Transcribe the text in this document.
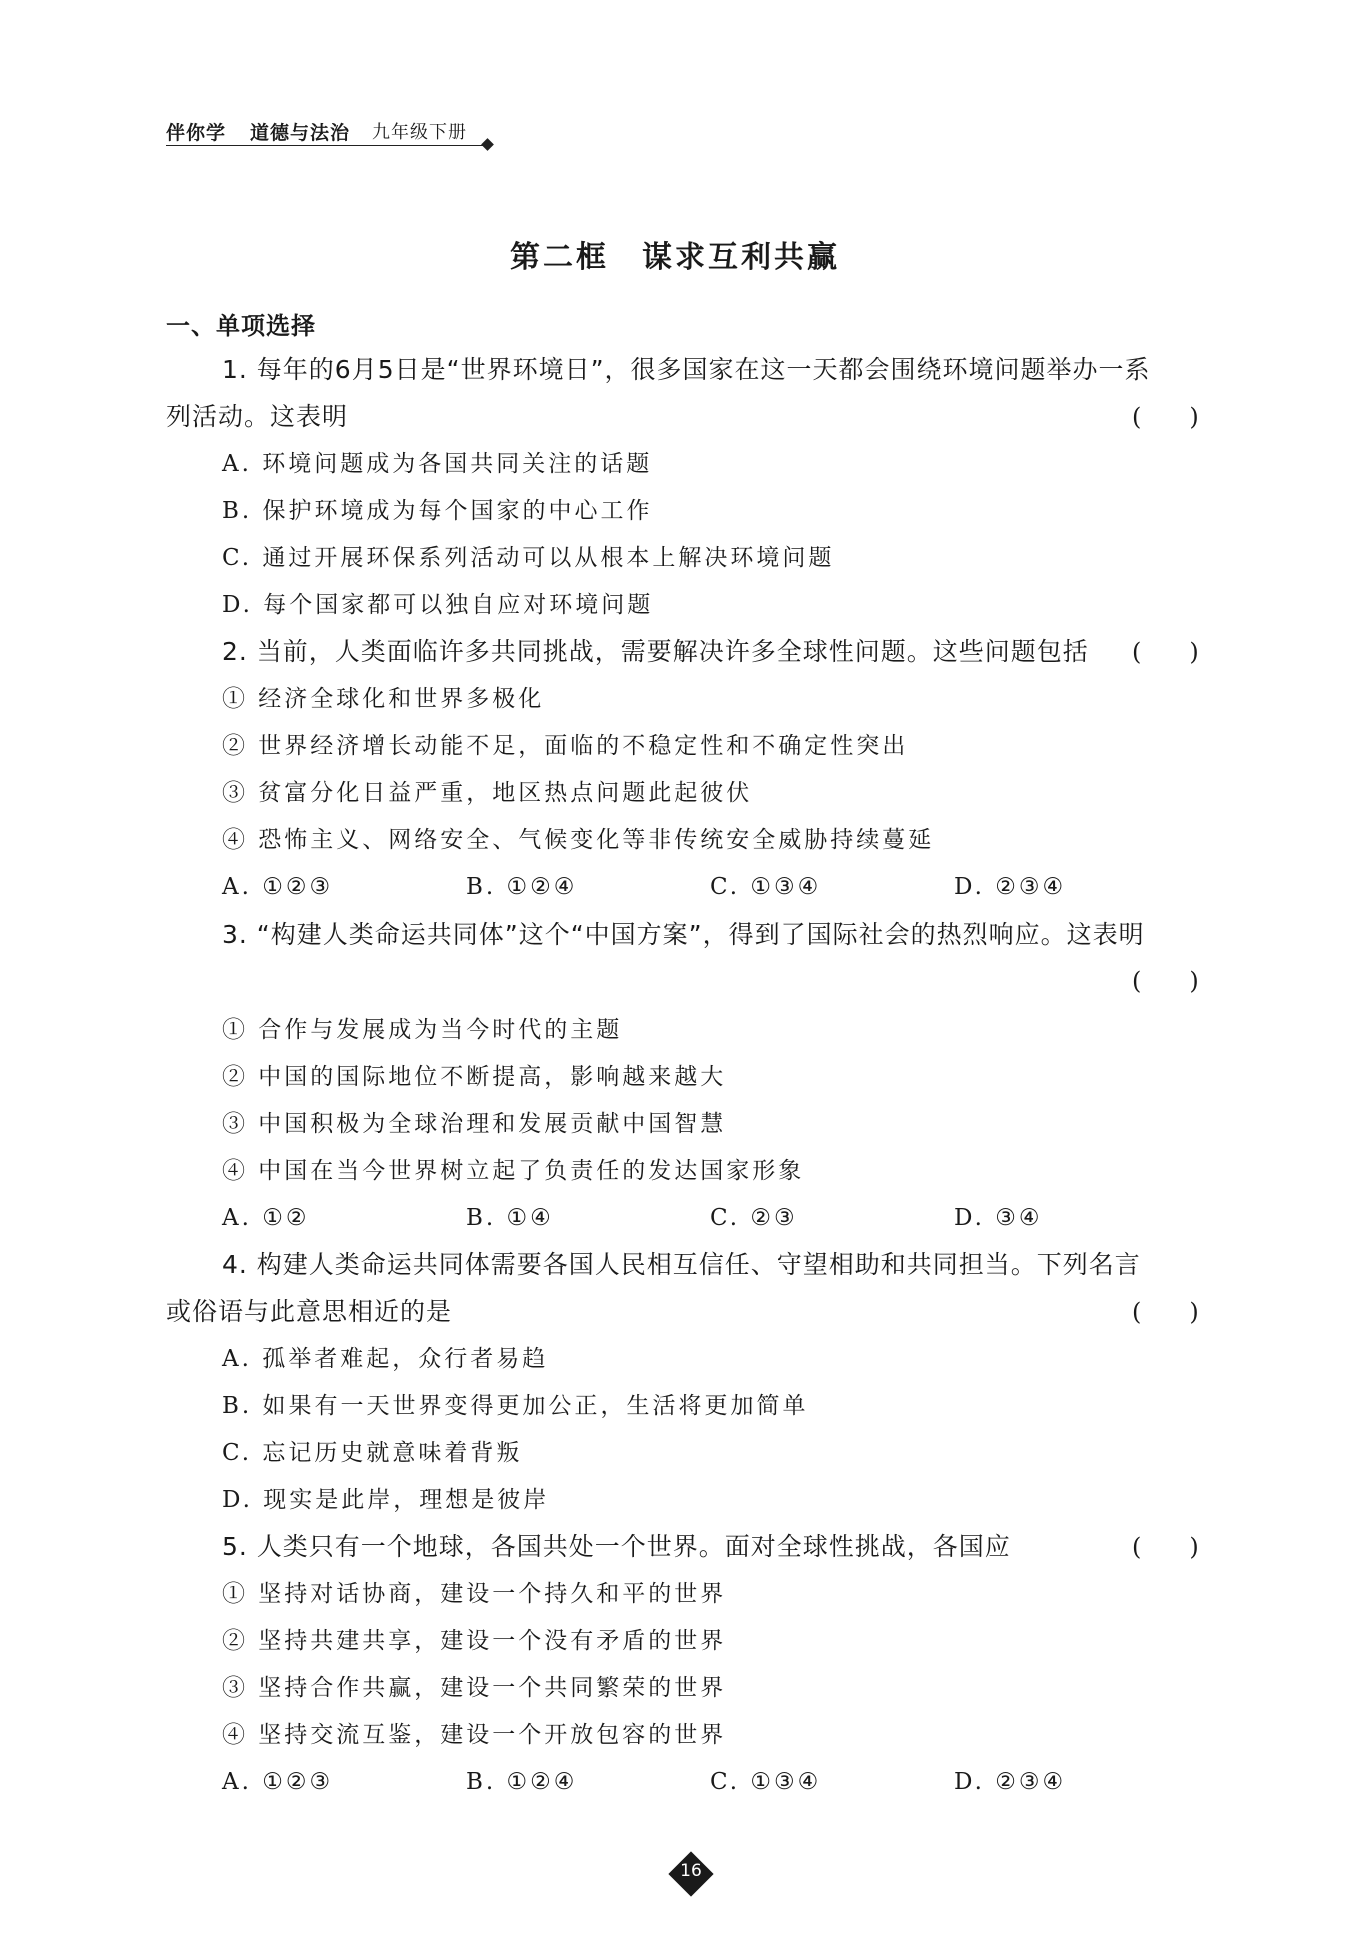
伴你学 道德与法治 九年级下册
第二框　谋求互利共赢
一、单项选择
1. 每年的6月5日是“世界环境日”，很多国家在这一天都会围绕环境问题举办一系
列活动。这表明	(　　)
A. 环境问题成为各国共同关注的话题
B. 保护环境成为每个国家的中心工作
C. 通过开展环保系列活动可以从根本上解决环境问题
D. 每个国家都可以独自应对环境问题
2. 当前，人类面临许多共同挑战，需要解决许多全球性问题。这些问题包括 (　　)
① 经济全球化和世界多极化
② 世界经济增长动能不足，面临的不稳定性和不确定性突出
③ 贫富分化日益严重，地区热点问题此起彼伏
④ 恐怖主义、网络安全、气候变化等非传统安全威胁持续蔓延
A. ①②③	B. ①②④	C. ①③④	D. ②③④
3. “构建人类命运共同体”这个“中国方案”，得到了国际社会的热烈响应。这表明
(　　)
① 合作与发展成为当今时代的主题
② 中国的国际地位不断提高，影响越来越大
③ 中国积极为全球治理和发展贡献中国智慧
④ 中国在当今世界树立起了负责任的发达国家形象
A. ①②	B. ①④	C. ②③	D. ③④
4. 构建人类命运共同体需要各国人民相互信任、守望相助和共同担当。下列名言
或俗语与此意思相近的是	(　　)
A. 孤举者难起，众行者易趋
B. 如果有一天世界变得更加公正，生活将更加简单
C. 忘记历史就意味着背叛
D. 现实是此岸，理想是彼岸
5. 人类只有一个地球，各国共处一个世界。面对全球性挑战，各国应	(　　)
① 坚持对话协商，建设一个持久和平的世界
② 坚持共建共享，建设一个没有矛盾的世界
③ 坚持合作共赢，建设一个共同繁荣的世界
④ 坚持交流互鉴，建设一个开放包容的世界
A. ①②③	B. ①②④	C. ①③④	D. ②③④
16
